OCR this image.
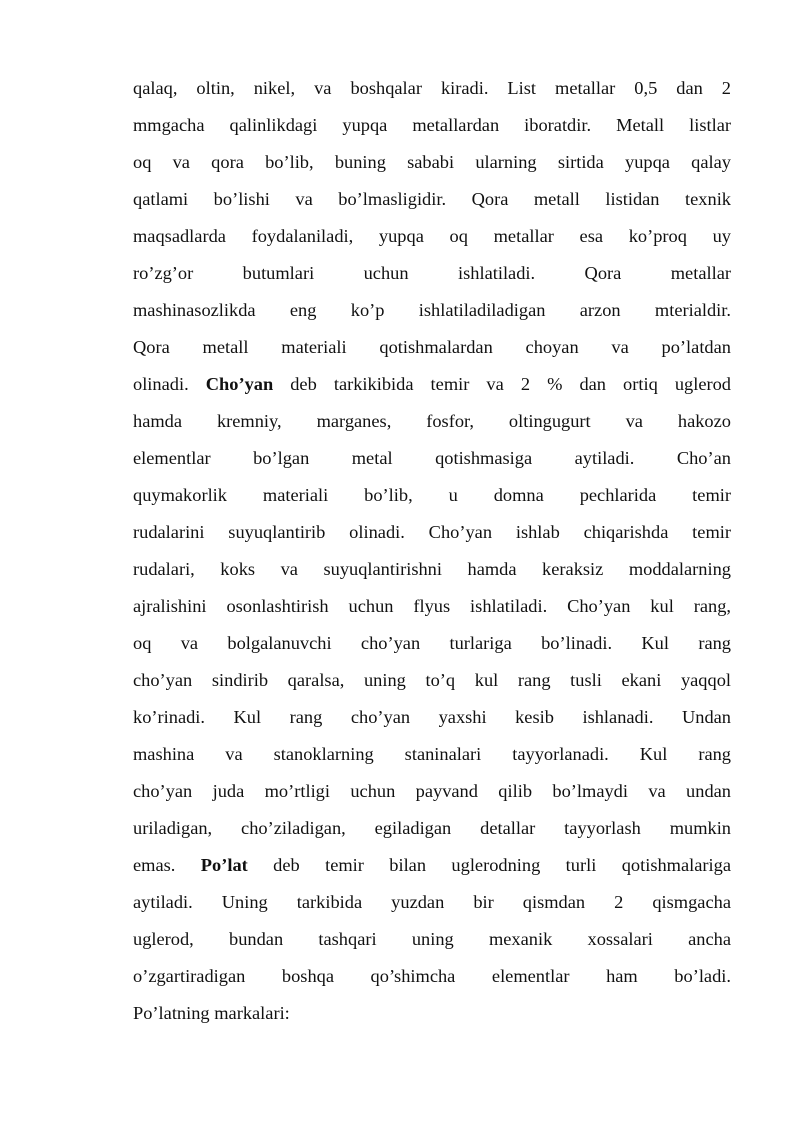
qalaq, oltin, nikel, va boshqalar kiradi. List metallar 0,5 dan 2
mmgacha qalinlikdagi yupqa metallardan iboratdir. Metall listlar
oq va qora bo’lib, buning sababi ularning sirtida yupqa qalay
qatlami bo’lishi va bo’lmasligidir. Qora metall listidan texnik
maqsadlarda foydalaniladi, yupqa oq metallar esa ko’proq uy
ro’zg’or butumlari uchun ishlatiladi. Qora metallar
mashinasozlikda eng ko’p ishlatiladiladigan arzon mterialdir.
Qora metall materiali qotishmalardan choyan va po’latdan
olinadi. Cho’yan deb tarkikibida temir va 2 % dan ortiq uglerod
hamda kremniy, marganes, fosfor, oltingugurt va hakozo
elementlar bo’lgan metal qotishmasiga aytiladi. Cho’an
quymakorlik materiali bo’lib, u domna pechlarida temir
rudalarini suyuqlantirib olinadi. Cho’yan ishlab chiqarishda temir
rudalari, koks va suyuqlantirishni hamda keraksiz moddalarning
ajralishini osonlashtirish uchun flyus ishlatiladi. Cho’yan kul rang,
oq va bolgalanuvchi cho’yan turlariga bo’linadi. Kul rang
cho’yan sindirib qaralsa, uning to’q kul rang tusli ekani yaqqol
ko’rinadi. Kul rang cho’yan yaxshi kesib ishlanadi. Undan
mashina va stanoklarning staninalari tayyorlanadi. Kul rang
cho’yan juda mo’rtligi uchun payvand qilib bo’lmaydi va undan
uriladigan, cho’ziladigan, egiladigan detallar tayyorlash mumkin
emas. Po’lat deb temir bilan uglerodning turli qotishmalariga
aytiladi. Uning tarkibida yuzdan bir qismdan 2 qismgacha
uglerod, bundan tashqari uning mexanik xossalari ancha
o’zgartiradigan boshqa qo’shimcha elementlar ham bo’ladi.
Po’latning markalari:
